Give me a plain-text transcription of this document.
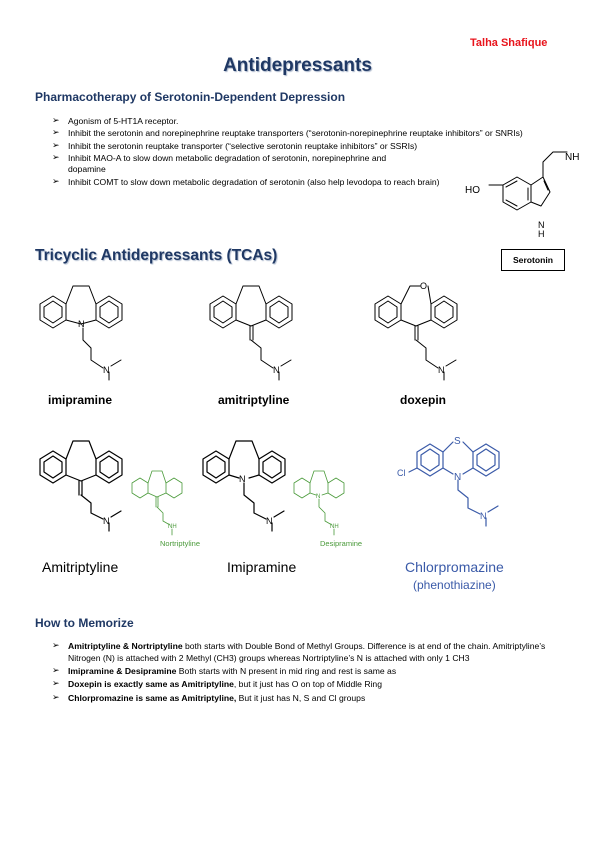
Talha Shafique
Antidepressants
Pharmacotherapy of Serotonin-Dependent Depression
➢ Agonism of 5-HT1A receptor.
➢ Inhibit the serotonin and norepinephrine reuptake transporters (“serotonin-norepinephrine reuptake inhibitors” or SNRIs)
➢ Inhibit the serotonin reuptake transporter (“selective serotonin reuptake inhibitors” or SSRIs)
➢ Inhibit MAO-A to slow down metabolic degradation of serotonin, norepinephrine and dopamine
➢ Inhibit COMT to slow down metabolic degradation of serotonin (also help levodopa to reach brain)
NH
HO
N
H
Serotonin
Tricyclic Antidepressants (TCAs)
N
N	N
O
N
imipramine	amitriptyline	doxepin
N
NH
Nortriptyline
N
N
N
NH
Desipramine
S
Cl	N
N
Amitriptyline	Imipramine	Chlorpromazine
(phenothiazine)
How to Memorize
➢ Amitriptyline & Nortriptyline both starts with Double Bond of Methyl Groups. Difference is at end of the chain. Amitriptyline’s Nitrogen (N) is attached with 2 Methyl (CH3) groups whereas Nortriptyline’s N is attached with only 1 CH3
➢ Imipramine & Desipramine Both starts with N present in mid ring and rest is same as
➢ Doxepin is exactly same as Amitriptyline, but it just has O on top of Middle Ring
➢ Chlorpromazine is same as Amitriptyline, But it just has N, S and Cl groups
